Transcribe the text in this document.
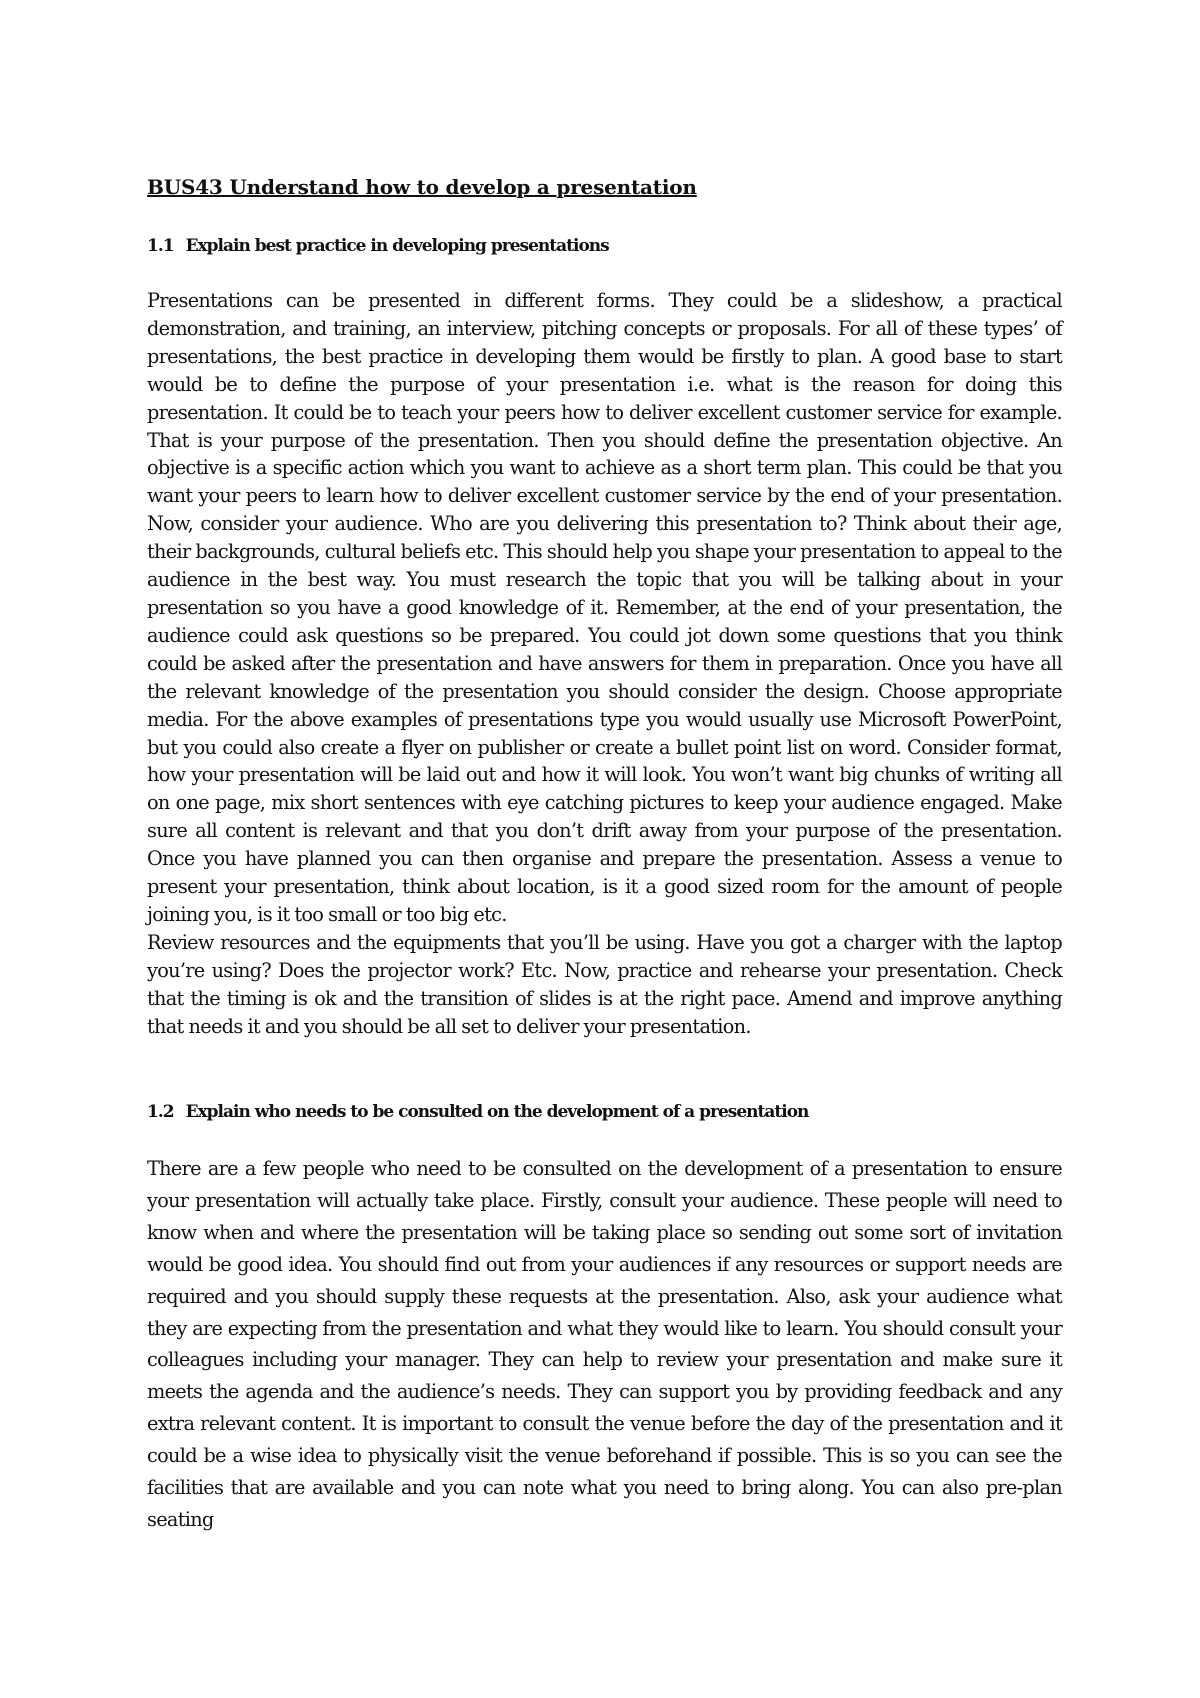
BUS43 Understand how to develop a presentation
1.1 Explain best practice in developing presentations
Presentations can be presented in different forms. They could be a slideshow, a practical demonstration, and training, an interview, pitching concepts or proposals. For all of these types’ of presentations, the best practice in developing them would be firstly to plan. A good base to start would be to define the purpose of your presentation i.e. what is the reason for doing this presentation. It could be to teach your peers how to deliver excellent customer service for example. That is your purpose of the presentation. Then you should define the presentation objective. An objective is a specific action which you want to achieve as a short term plan. This could be that you want your peers to learn how to deliver excellent customer service by the end of your presentation. Now, consider your audience. Who are you delivering this presentation to? Think about their age, their backgrounds, cultural beliefs etc. This should help you shape your presentation to appeal to the audience in the best way. You must research the topic that you will be talking about in your presentation so you have a good knowledge of it. Remember, at the end of your presentation, the audience could ask questions so be prepared. You could jot down some questions that you think could be asked after the presentation and have answers for them in preparation. Once you have all the relevant knowledge of the presentation you should consider the design. Choose appropriate media. For the above examples of presentations type you would usually use Microsoft PowerPoint, but you could also create a flyer on publisher or create a bullet point list on word. Consider format, how your presentation will be laid out and how it will look. You won’t want big chunks of writing all on one page, mix short sentences with eye catching pictures to keep your audience engaged. Make sure all content is relevant and that you don’t drift away from your purpose of the presentation. Once you have planned you can then organise and prepare the presentation. Assess a venue to present your presentation, think about location, is it a good sized room for the amount of people joining you, is it too small or too big etc.
Review resources and the equipments that you’ll be using. Have you got a charger with the laptop you’re using? Does the projector work? Etc. Now, practice and rehearse your presentation. Check that the timing is ok and the transition of slides is at the right pace. Amend and improve anything that needs it and you should be all set to deliver your presentation.
1.2 Explain who needs to be consulted on the development of a presentation

There are a few people who need to be consulted on the development of a presentation to ensure your presentation will actually take place. Firstly, consult your audience. These people will need to know when and where the presentation will be taking place so sending out some sort of invitation would be good idea. You should find out from your audiences if any resources or support needs are required and you should supply these requests at the presentation. Also, ask your audience what they are expecting from the presentation and what they would like to learn. You should consult your colleagues including your manager. They can help to review your presentation and make sure it meets the agenda and the audience’s needs. They can support you by providing feedback and any extra relevant content. It is important to consult the venue before the day of the presentation and it could be a wise idea to physically visit the venue beforehand if possible. This is so you can see the facilities that are available and you can note what you need to bring along. You can also pre-plan seating
